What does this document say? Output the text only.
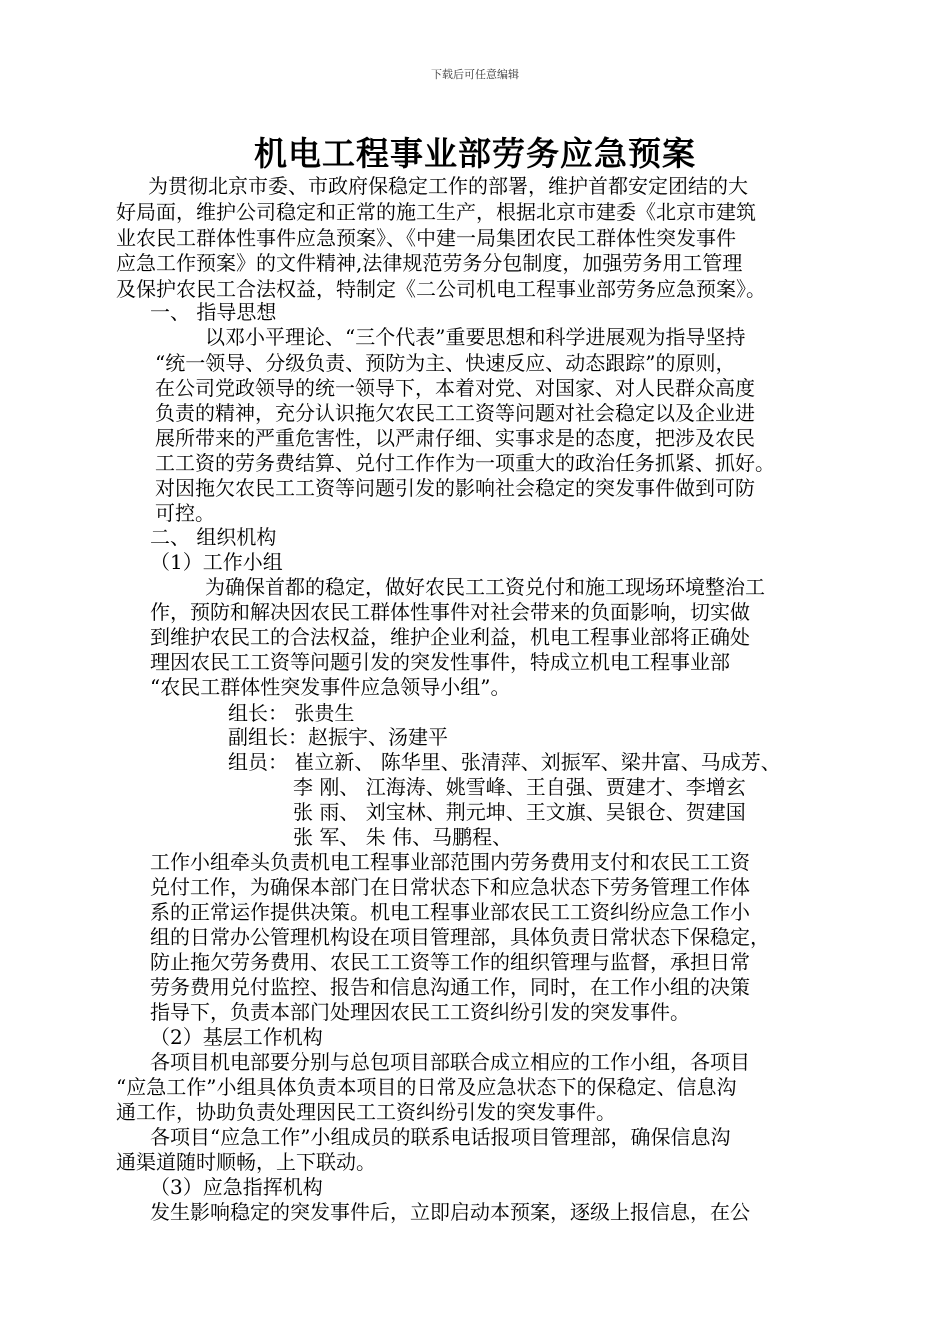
下载后可任意编辑
机电工程事业部劳务应急预案
为贯彻北京市委、市政府保稳定工作的部署，维护首都安定团结的大
好局面，维护公司稳定和正常的施工生产，根据北京市建委《北京市建筑
业农民工群体性事件应急预案》、《中建一局集团农民工群体性突发事件
应急工作预案》的文件精神,法律规范劳务分包制度，加强劳务用工管理
及保护农民工合法权益，特制定《二公司机电工程事业部劳务应急预案》。
一、 指导思想
以邓小平理论、“三个代表”重要思想和科学进展观为指导坚持
“统一领导、分级负责、预防为主、快速反应、动态跟踪”的原则，
在公司党政领导的统一领导下，本着对党、对国家、对人民群众高度
负责的精神，充分认识拖欠农民工工资等问题对社会稳定以及企业进
展所带来的严重危害性，以严肃仔细、实事求是的态度，把涉及农民
工工资的劳务费结算、兑付工作作为一项重大的政治任务抓紧、抓好。
对因拖欠农民工工资等问题引发的影响社会稳定的突发事件做到可防
可控。
二、 组织机构
（1）工作小组
为确保首都的稳定，做好农民工工资兑付和施工现场环境整治工
作，预防和解决因农民工群体性事件对社会带来的负面影响，切实做
到维护农民工的合法权益，维护企业利益，机电工程事业部将正确处
理因农民工工资等问题引发的突发性事件，特成立机电工程事业部
“农民工群体性突发事件应急领导小组”。
组长： 张贵生
副组长：赵振宇、汤建平
组员： 崔立新、 陈华里、张清萍、刘振军、梁井富、马成芳、
李 刚、 江海涛、姚雪峰、王自强、贾建才、李增玄
张 雨、 刘宝林、荆元坤、王文旗、吴银仓、贺建国
张 军、 朱 伟、马鹏程、
工作小组牵头负责机电工程事业部范围内劳务费用支付和农民工工资
兑付工作，为确保本部门在日常状态下和应急状态下劳务管理工作体
系的正常运作提供决策。机电工程事业部农民工工资纠纷应急工作小
组的日常办公管理机构设在项目管理部，具体负责日常状态下保稳定，
防止拖欠劳务费用、农民工工资等工作的组织管理与监督，承担日常
劳务费用兑付监控、报告和信息沟通工作，同时，在工作小组的决策
指导下，负责本部门处理因农民工工资纠纷引发的突发事件。
（2）基层工作机构
各项目机电部要分别与总包项目部联合成立相应的工作小组，各项目
“应急工作”小组具体负责本项目的日常及应急状态下的保稳定、信息沟
通工作，协助负责处理因民工工资纠纷引发的突发事件。
各项目“应急工作”小组成员的联系电话报项目管理部，确保信息沟
通渠道随时顺畅，上下联动。
（3）应急指挥机构
发生影响稳定的突发事件后，立即启动本预案，逐级上报信息，在公
